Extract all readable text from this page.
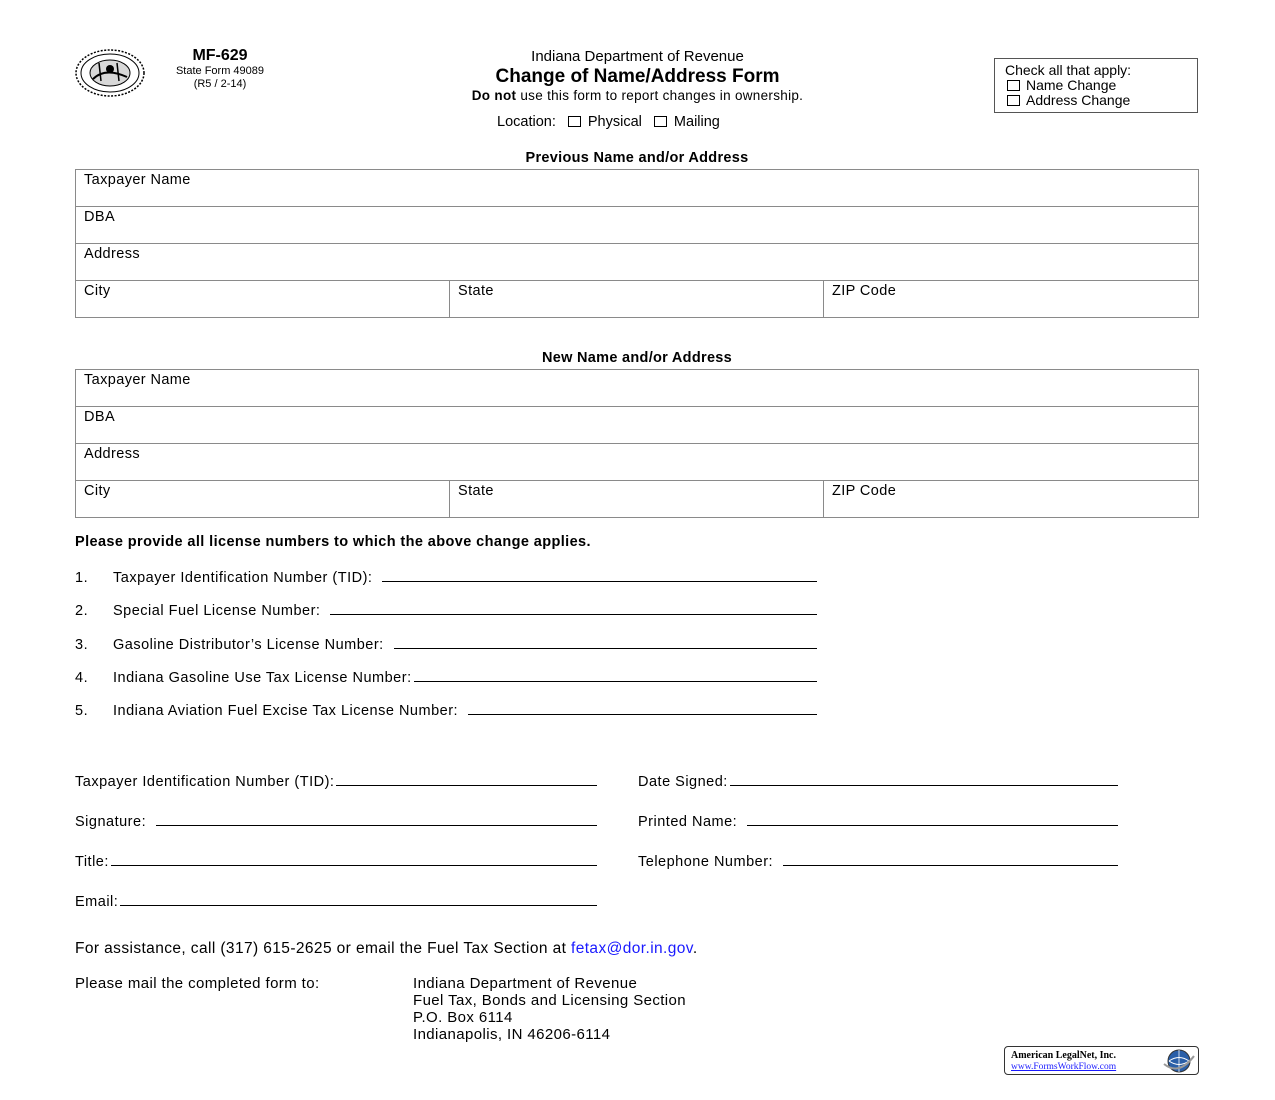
MF-629
State Form 49089
(R5 / 2-14)
Indiana Department of Revenue
Change of Name/Address Form
Do not use this form to report changes in ownership.
Check all that apply:
Name Change
Address Change
Location: Physical Mailing
Previous Name and/or Address
Taxpayer Name
DBA
Address
City	State	ZIP Code
New Name and/or Address
Taxpayer Name
DBA
Address
City	State	ZIP Code
Please provide all license numbers to which the above change applies.
1.	Taxpayer Identification Number (TID):
2.	Special Fuel License Number:
3.	Gasoline Distributor’s License Number:
4.	Indiana Gasoline Use Tax License Number:
5.	Indiana Aviation Fuel Excise Tax License Number:
Taxpayer Identification Number (TID):	Date Signed:
Signature:	Printed Name:
Title:	Telephone Number:
Email:
For assistance, call (317) 615-2625 or email the Fuel Tax Section at fetax@dor.in.gov.
Please mail the completed form to:	Indiana Department of Revenue
Fuel Tax, Bonds and Licensing Section
P.O. Box 6114
Indianapolis, IN 46206-6114
American LegalNet, Inc.
www.FormsWorkFlow.com
